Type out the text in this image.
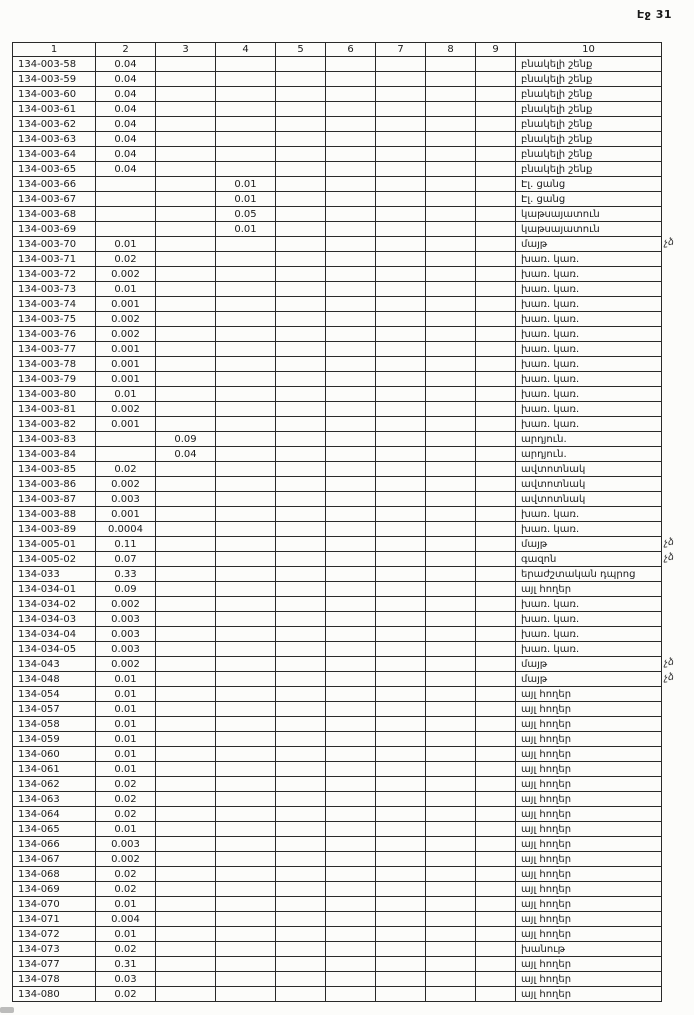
Էջ 31
1	2	3	4	5	6	7	8	9	10
134-003-58	0.04								բնակելի շենք
134-003-59	0.04								բնակելի շենք
134-003-60	0.04								բնակելի շենք
134-003-61	0.04								բնակելի շենք
134-003-62	0.04								բնակելի շենք
134-003-63	0.04								բնակելի շենք
134-003-64	0.04								բնակելի շենք
134-003-65	0.04								բնակելի շենք
134-003-66			0.01						Էլ. ցանց
134-003-67			0.01						Էլ. ցանց
134-003-68			0.05						կաթսայատուն
134-003-69			0.01						կաթսայատուն
134-003-70	0.01								մայթ
134-003-71	0.02								խառ. կառ.
134-003-72	0.002								խառ. կառ.
134-003-73	0.01								խառ. կառ.
134-003-74	0.001								խառ. կառ.
134-003-75	0.002								խառ. կառ.
134-003-76	0.002								խառ. կառ.
134-003-77	0.001								խառ. կառ.
134-003-78	0.001								խառ. կառ.
134-003-79	0.001								խառ. կառ.
134-003-80	0.01								խառ. կառ.
134-003-81	0.002								խառ. կառ.
134-003-82	0.001								խառ. կառ.
134-003-83		0.09							արդյուն.
134-003-84		0.04							արդյուն.
134-003-85	0.02								ավտոտնակ
134-003-86	0.002								ավտոտնակ
134-003-87	0.003								ավտոտնակ
134-003-88	0.001								խառ. կառ.
134-003-89	0.0004								խառ. կառ.
134-005-01	0.11								մայթ
134-005-02	0.07								գազոն
134-033	0.33								երաժշտական դպրոց
134-034-01	0.09								այլ հողեր
134-034-02	0.002								խառ. կառ.
134-034-03	0.003								խառ. կառ.
134-034-04	0.003								խառ. կառ.
134-034-05	0.003								խառ. կառ.
134-043	0.002								մայթ
134-048	0.01								մայթ
134-054	0.01								այլ հողեր
134-057	0.01								այլ հողեր
134-058	0.01								այլ հողեր
134-059	0.01								այլ հողեր
134-060	0.01								այլ հողեր
134-061	0.01								այլ հողեր
134-062	0.02								այլ հողեր
134-063	0.02								այլ հողեր
134-064	0.02								այլ հողեր
134-065	0.01								այլ հողեր
134-066	0.003								այլ հողեր
134-067	0.002								այլ հողեր
134-068	0.02								այլ հողեր
134-069	0.02								այլ հողեր
134-070	0.01								այլ հողեր
134-071	0.004								այլ հողեր
134-072	0.01								այլ հողեր
134-073	0.02								խանութ
134-077	0.31								այլ հողեր
134-078	0.03								այլ հողեր
134-080	0.02								այլ հողեր
չձ
չձ
չձ
չձ
չձ
